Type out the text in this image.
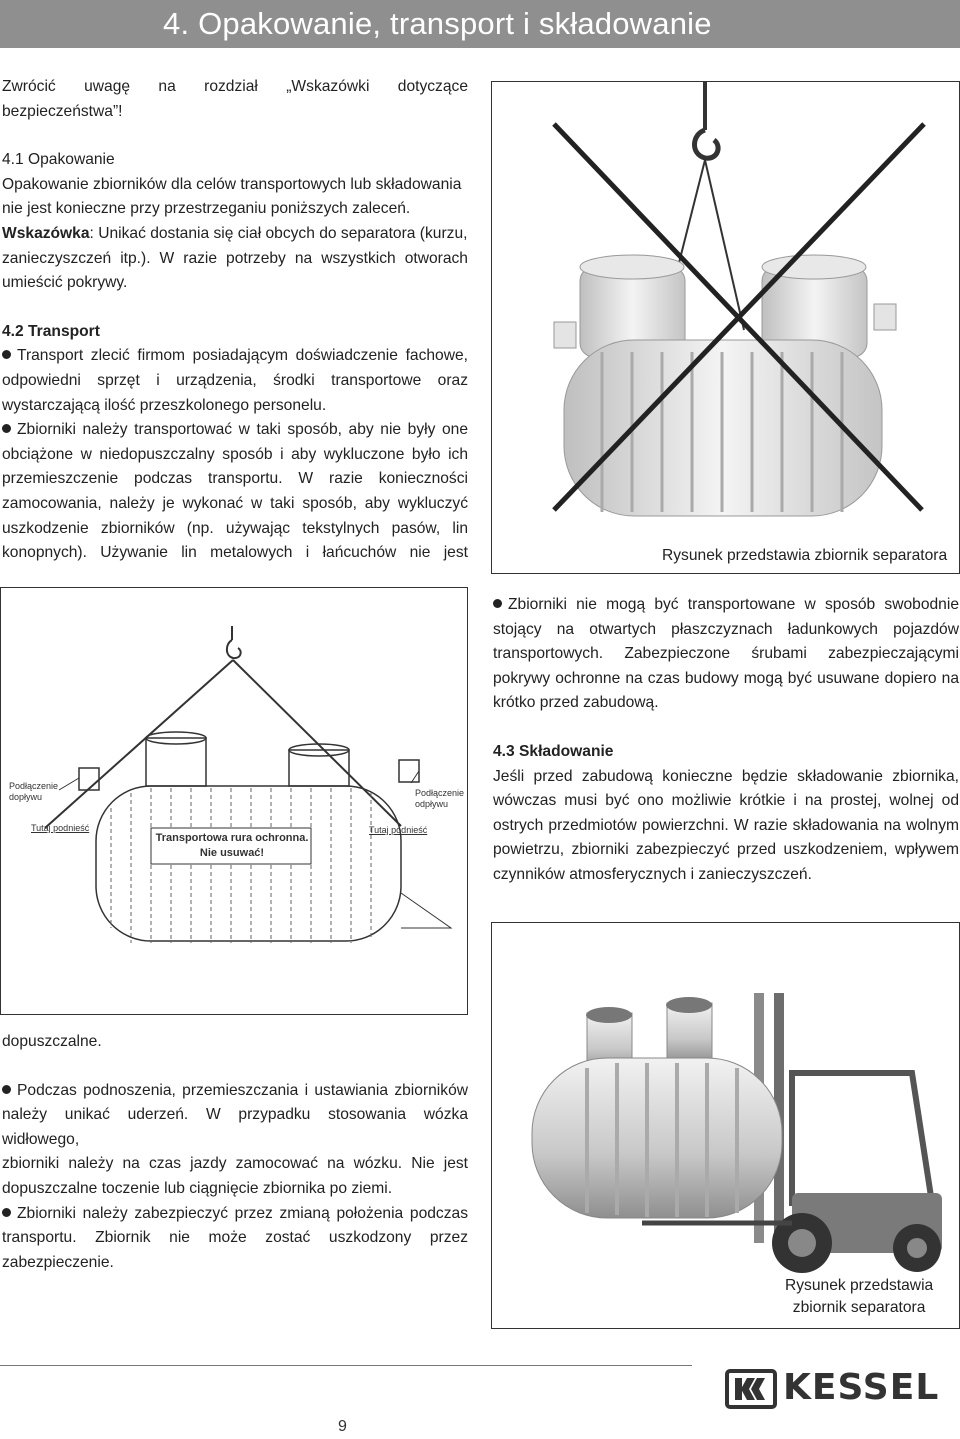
4. Opakowanie, transport i składowanie

Zwrócić uwagę na rozdział „Wskazówki dotyczące

bezpieczeństwa”!

4.1 Opakowanie

Opakowanie zbiorników dla celów transportowych lub składowania

nie jest konieczne przy przestrzeganiu poniższych zaleceń.

Wskazówka: Unikać dostania się ciał obcych do separatora (kurzu,

zanieczyszczeń itp.). W razie potrzeby na wszystkich otworach

umieścić pokrywy.

4.2 Transport

Transport zlecić firmom posiadającym doświadczenie fachowe,

odpowiedni sprzęt i urządzenia, środki transportowe oraz

wystarczającą ilość przeszkolonego personelu.

Zbiorniki należy transportować w taki sposób, aby nie były one

obciążone w niedopuszczalny sposób i aby wykluczone było ich

przemieszczenie podczas transportu. W razie konieczności

zamocowania, należy je wykonać w taki sposób, aby wykluczyć

uszkodzenie zbiorników (np. używając tekstylnych pasów, lin

konopnych). Używanie lin metalowych i łańcuchów nie jest	Rysunek przedstawia zbiornik separatora

Zbiorniki nie mogą być transportowane w sposób swobodnie

stojący na otwartych płaszczyznach ładunkowych pojazdów

transportowych. Zabezpieczone śrubami zabezpieczającymi

pokrywy ochronne na czas budowy mogą być usuwane dopiero na

krótko przed zabudową.

4.3 Składowanie

Jeśli przed zabudową konieczne będzie składowanie zbiornika,

wówczas musi być ono możliwie krótkie i na prostej, wolnej od

ostrych przedmiotów powierzchni. W razie składowania na wolnym

powietrzu, zbiorniki zabezpieczyć przed uszkodzeniem, wpływem

czynników atmosferycznych i zanieczyszczeń.

Podłączenie
dopływu	Podłączenie
odpływu
Tutaj podnieść	Tutaj podnieść
Transportowa rura ochronna.
Nie usuwać!

dopuszczalne.

Podczas podnoszenia, przemieszczania i ustawiania zbiorników

należy unikać uderzeń. W przypadku stosowania wózka widłowego,

zbiorniki należy na czas jazdy zamocować na wózku. Nie jest

dopuszczalne toczenie lub ciągnięcie zbiornika po ziemi.

Zbiorniki należy zabezpieczyć przez zmianą położenia podczas

transportu. Zbiornik nie może zostać uszkodzony przez

zabezpieczenie.

Rysunek przedstawia
zbiornik separatora
9
KESSEL
